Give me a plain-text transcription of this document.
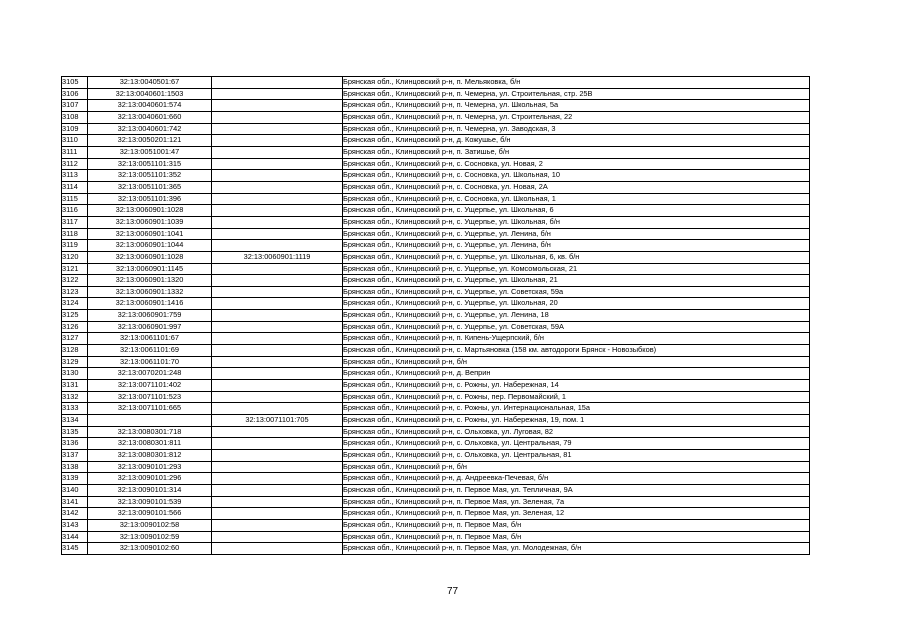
3105	32:13:0040501:67		Брянская обл., Клинцовский р-н, п. Мельяковка, б/н
3106	32:13:0040601:1503		Брянская обл., Клинцовский р-н, п. Чемерна, ул. Строительная, стр. 25В
3107	32:13:0040601:574		Брянская обл., Клинцовский р-н, п. Чемерна, ул. Школьная, 5а
3108	32:13:0040601:660		Брянская обл., Клинцовский р-н, п. Чемерна, ул. Строительная, 22
3109	32:13:0040601:742		Брянская обл., Клинцовский р-н, п. Чемерна, ул. Заводская, 3
3110	32:13:0050201:121		Брянская обл., Клинцовский р-н, д. Кожушье, б/н
3111	32:13:0051001:47		Брянская обл., Клинцовский р-н, п. Затишье, б/н
3112	32:13:0051101:315		Брянская обл., Клинцовский р-н, с. Сосновка, ул. Новая, 2
3113	32:13:0051101:352		Брянская обл., Клинцовский р-н, с. Сосновка, ул. Школьная, 10
3114	32:13:0051101:365		Брянская обл., Клинцовский р-н, с. Сосновка, ул. Новая, 2А
3115	32:13:0051101:396		Брянская обл., Клинцовский р-н, с. Сосновка, ул. Школьная, 1
3116	32:13:0060901:1028		Брянская обл., Клинцовский р-н, с. Ущерпье, ул. Школьная, 6
3117	32:13:0060901:1039		Брянская обл., Клинцовский р-н, с. Ущерпье, ул. Школьная, б/н
3118	32:13:0060901:1041		Брянская обл., Клинцовский р-н, с. Ущерпье, ул. Ленина, б/н
3119	32:13:0060901:1044		Брянская обл., Клинцовский р-н, с. Ущерпье, ул. Ленина, б/н
3120	32:13:0060901:1028	32:13:0060901:1119	Брянская обл., Клинцовский р-н, с. Ущерпье, ул. Школьная, 6, кв. б/н
3121	32:13:0060901:1145		Брянская обл., Клинцовский р-н, с. Ущерпье, ул. Комсомольская, 21
3122	32:13:0060901:1320		Брянская обл., Клинцовский р-н, с. Ущерпье, ул. Школьная, 21
3123	32:13:0060901:1332		Брянская обл., Клинцовский р-н, с. Ущерпье, ул. Советская, 59а
3124	32:13:0060901:1416		Брянская обл., Клинцовский р-н, с. Ущерпье, ул. Школьная, 20
3125	32:13:0060901:759		Брянская обл., Клинцовский р-н, с. Ущерпье, ул. Ленина, 18
3126	32:13:0060901:997		Брянская обл., Клинцовский р-н, с. Ущерпье, ул. Советская, 59А
3127	32:13:0061101:67		Брянская обл., Клинцовский р-н, п. Кипень-Ущерпский, б/н
3128	32:13:0061101:69		Брянская обл., Клинцовский р-н, с. Мартьяновка (158 км. автодороги Брянск - Новозыбков)
3129	32:13:0061101:70		Брянская обл., Клинцовский р-н, б/н
3130	32:13:0070201:248		Брянская обл., Клинцовский р-н, д. Веприн
3131	32:13:0071101:402		Брянская обл., Клинцовский р-н, с. Рожны, ул. Набережная, 14
3132	32:13:0071101:523		Брянская обл., Клинцовский р-н, с. Рожны, пер. Первомайский, 1
3133	32:13:0071101:665		Брянская обл., Клинцовский р-н, с. Рожны, ул. Интернациональная, 15а
3134		32:13:0071101:705	Брянская обл., Клинцовский р-н, с. Рожны, ул. Набережная, 19, пом. 1
3135	32:13:0080301:718		Брянская обл., Клинцовский р-н, с. Ольховка, ул. Луговая, 82
3136	32:13:0080301:811		Брянская обл., Клинцовский р-н, с. Ольховка, ул. Центральная, 79
3137	32:13:0080301:812		Брянская обл., Клинцовский р-н, с. Ольховка, ул. Центральная, 81
3138	32:13:0090101:293		Брянская обл., Клинцовский р-н, б/н
3139	32:13:0090101:296		Брянская обл., Клинцовский р-н, д. Андреевка-Печевая, б/н
3140	32:13:0090101:314		Брянская обл., Клинцовский р-н, п. Первое Мая, ул. Тепличная, 9А
3141	32:13:0090101:539		Брянская обл., Клинцовский р-н, п. Первое Мая, ул. Зеленая, 7а
3142	32:13:0090101:566		Брянская обл., Клинцовский р-н, п. Первое Мая, ул. Зеленая, 12
3143	32:13:0090102:58		Брянская обл., Клинцовский р-н, п. Первое Мая, б/н
3144	32:13:0090102:59		Брянская обл., Клинцовский р-н, п. Первое Мая, б/н
3145	32:13:0090102:60		Брянская обл., Клинцовский р-н, п. Первое Мая, ул. Молодежная, б/н
77
